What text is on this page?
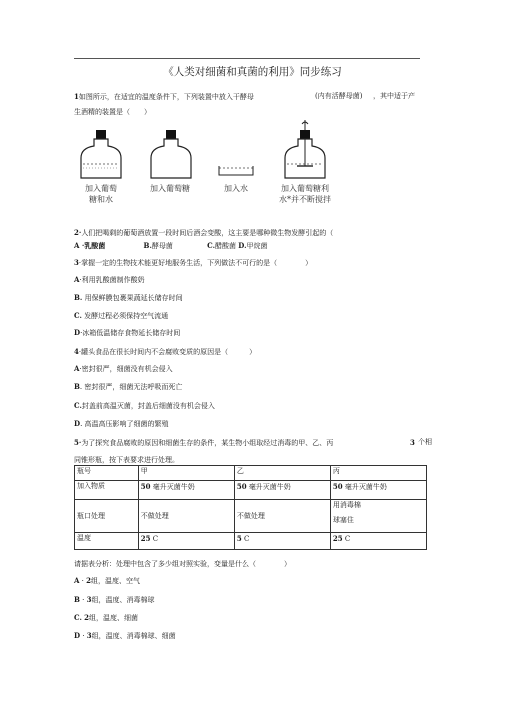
《人类对细菌和真菌的利用》同步练习
1如图所示，在适宜的温度条件下，下列装置中放入干酵母	(内有活酵母菌) ，其中适于产
生酒精的装置是（　　）
加入葡萄
糖和水
加入葡萄糖	加入水	加入葡萄糖利
水*并不断搅拌
2·人们把喝剩的葡萄酒放置一段时间后酒会变酸，这主要是哪种微生物发酵引起的（
A ·乳酸菌	B.酵母菌	C.醋酸菌 D.甲烷菌
3·掌握一定的生物技术能更好地服务生活，下列做法不可行的是（　　　　）
A·利用乳酸菌制作酸奶
B. 用保鲜膜包裹果蔬延长储存时间
C. 发酵过程必须保持空气流通
D·冰箱低温储存食物延长储存时间
4·罐头食品在很长时间内不会腐败变质的原因是（　　　）
A·密封很严，细菌没有机会侵入
B. 密封很严，细菌无法呼吸而死亡
C.封盖前高温灭菌，封盖后细菌没有机会侵入
D. 高温高压影响了细菌的繁殖
5·为了探究食品腐败的原因和细菌生存的条件，某生物小组取经过消毒的甲、乙、丙	3 个相
同锥形瓶，按下表要求进行处理。
瓶号	甲	乙	丙
加入物质	50 毫升灭菌牛奶	50 毫升灭菌牛奶	50 毫升灭菌牛奶
瓶口处理	不做处理	不做处理	用消毒棉
球塞住

温度	25 C	5 C	25 C
请据表分析：处理中包含了多少组对照实验，变量是什么（　　　　）
A · 2组，温度、空气
B · 3组，温度、消毒棉球
C. 2组，温度、细菌
D · 3组，温度、消毒棉球、细菌
